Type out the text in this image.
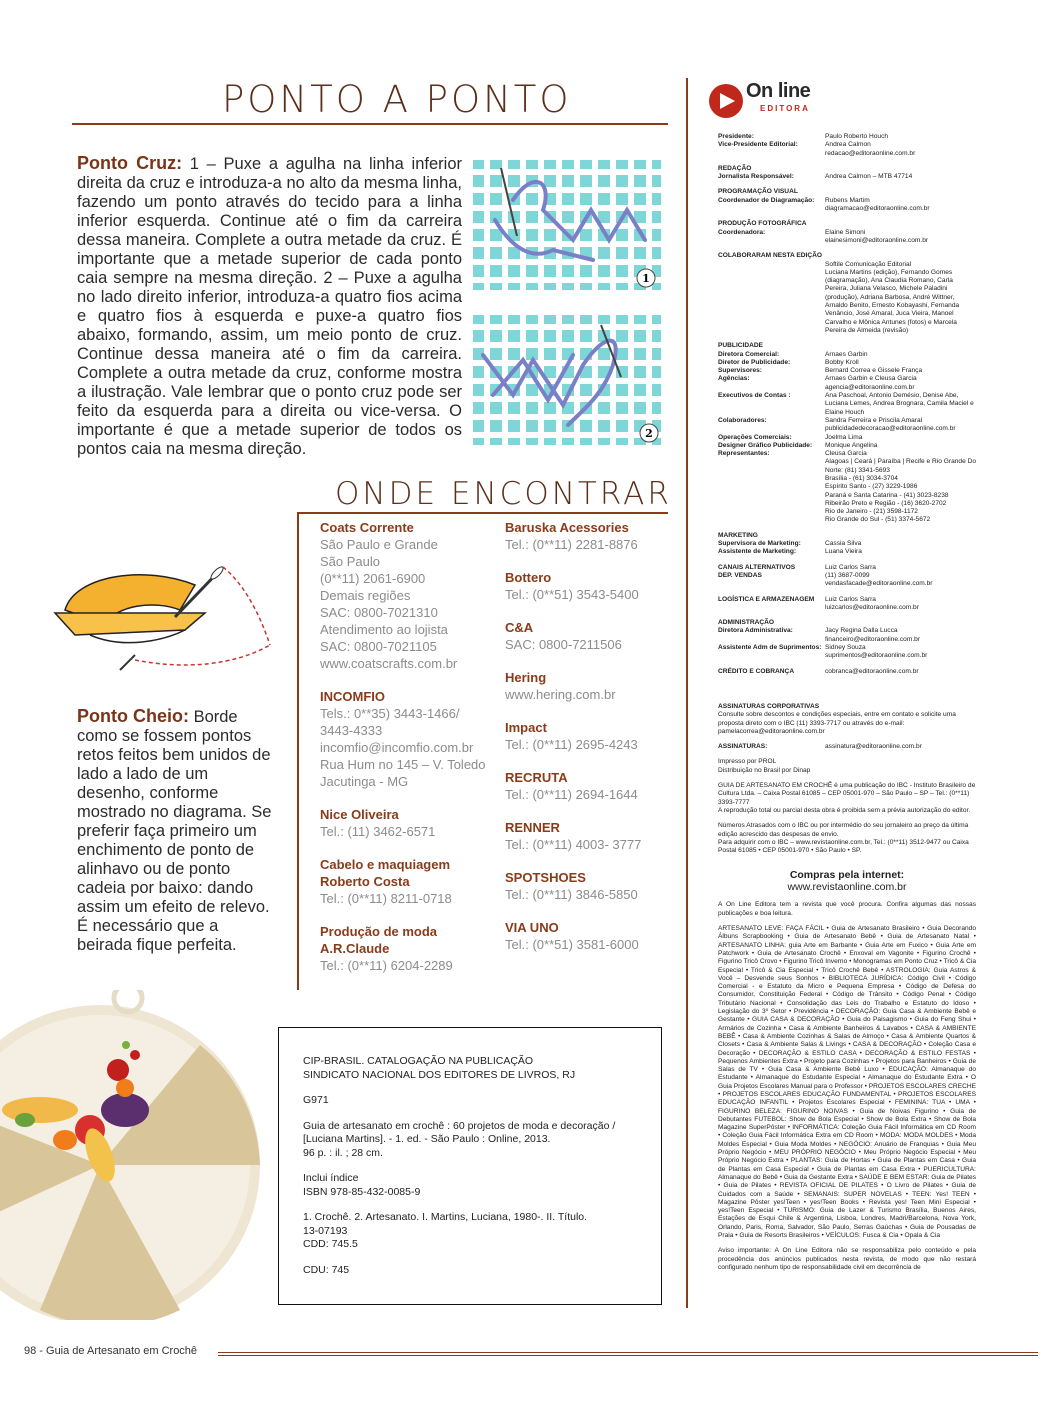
PONTO A PONTO
Ponto Cruz: 1 – Puxe a agulha na linha inferior direita da cruz e introduza-a no alto da mesma linha, fazendo um ponto através do tecido para a linha inferior esquerda. Continue até o fim da carreira dessa maneira. Complete a outra metade da cruz. É importante que a metade superior de cada ponto caia sempre na mesma direção. 2 – Puxe a agulha no lado direito inferior, introduza-a quatro fios acima e quatro fios à esquerda e puxe-a quatro fios abaixo, formando, assim, um meio ponto de cruz. Continue dessa maneira até o fim da carreira. Complete a outra metade da cruz, conforme mostra a ilustração. Vale lembrar que o ponto cruz pode ser feito da esquerda para a direita ou vice-versa. O importante é que a metade superior de todos os pontos caia na mesma direção.
1
2
ONDE ENCONTRAR
Coats Corrente
São Paulo e Grande
São Paulo
(0**11) 2061-6900
Demais regiões
SAC: 0800-7021310
Atendimento ao lojista
SAC: 0800-7021105
www.coatscrafts.com.br
INCOMFIO
Tels.: 0**35) 3443-1466/
3443-4333
incomfio@incomfio.com.br
Rua Hum no 145 – V. Toledo
Jacutinga - MG
Nice Oliveira
Tel.: (11) 3462-6571
Cabelo e maquiagem Roberto Costa
Tel.: (0**11) 8211-0718
Produção de moda A.R.Claude
Tel.: (0**11) 6204-2289
Baruska Acessories
Tel.: (0**11) 2281-8876
Bottero
Tel.: (0**51) 3543-5400
C&A
SAC: 0800-7211506
Hering
www.hering.com.br
Impact
Tel.: (0**11) 2695-4243
RECRUTA
Tel.: (0**11) 2694-1644
RENNER
Tel.: (0**11) 4003- 3777
SPOTSHOES
Tel.: (0**11) 3846-5850
VIA UNO
Tel.: (0**51) 3581-6000
Ponto Cheio: Borde como se fossem pontos retos feitos bem unidos de lado a lado de um desenho, conforme mostrado no diagrama. Se preferir faça primeiro um enchimento de ponto de alinhavo ou de ponto cadeia por baixo: dando assim um efeito de relevo. É necessário que a beirada fique perfeita.

CIP-BRASIL. CATALOGAÇÃO NA PUBLICAÇÃO
SINDICATO NACIONAL DOS EDITORES DE LIVROS, RJ

G971

Guia de artesanato em crochê : 60 projetos de moda e decoração / [Luciana Martins]. - 1. ed. - São Paulo : Online, 2013.
96 p. : il. ; 28 cm.

Inclui índice
ISBN 978-85-432-0085-9

1. Crochê. 2. Artesanato. I. Martins, Luciana, 1980-. II. Título.
13-07193
CDD: 745.5

CDU: 745

On line
EDITORA
Presidente:	Paulo Roberto Houch
Vice-Presidente Editorial:	Andrea Calmon
redacao@editoraonline.com.br
REDAÇÃO
Jornalista Responsável:	Andrea Calmon – MTB 47714
PROGRAMAÇÃO VISUAL
Coordenador de Diagramação:	Rubens Martim
diagramacao@editoraonline.com.br
PRODUÇÃO FOTOGRÁFICA
Coordenadora:	Elaine Simoni
elainesimoni@editoraonline.com.br
COLABORARAM NESTA EDIÇÃO
Softile Comunicação Editorial
Luciana Martins (edição), Fernando Gomes (diagramação), Ana Claudia Romano, Carla Pereira, Juliana Velasco, Michele Paladini (produção), Adriana Barbosa, André Wittner, Arnaldo Benito, Ernesto Kobayashi, Fernanda Venâncio, José Amaral, Juca Vieira, Manoel Carvalho e Mônica Antunes (fotos) e Marcela Pereira de Almeida (revisão)
PUBLICIDADE
Diretora Comercial:	Arnaes Garbin
Diretor de Publicidade:	Bobby Kroll
Supervisores:	Bernard Correa e Gissele França
Agências:	Arnaes Garbin e Cleusa Garcia
agencia@editoraonline.com.br
Executivos de Contas :	Ana Paschoal, Antonio Demésio, Denise Abe, Luciana Lemes, Andrea Brognara, Camila Maciel e Elaine Houch
Colaboradores:	Sandra Ferreira e Priscila Amaral
publicidadedecoracao@editoraonline.com.br
Operações Comerciais:	Joelma Lima
Designer Gráfico Publicidade:	Monique Angelina
Representantes:	Cleusa Garcia
Alagoas | Ceará | Paraíba | Recife e Rio Grande Do Norte: (81) 3341-5693
Brasília - (61) 3034-3704
Espírito Santo - (27) 3229-1986
Paraná e Santa Catarina - (41) 3023-8238
Ribeirão Preto e Região - (16) 3620-2702
Rio de Janeiro - (21) 3598-1172
Rio Grande do Sul - (51) 3374-5672
MARKETING
Supervisora de Marketing:	Cassia Silva
Assistente de Marketing:	Luana Vieira
CANAIS ALTERNATIVOS
DEP. VENDAS
Luiz Carlos Sarra
(11) 3687-0099
vendasfacade@editoraonline.com.br
LOGÍSTICA E ARMAZENAGEM	Luiz Carlos Sarra
luizcarlos@editoraonline.com.br
ADMINISTRAÇÃO
Diretora Administrativa:	Jacy Regina Dalla Lucca
financeiro@editoraonline.com.br
Assistente Adm de Suprimentos: Sidney Souza
suprimentos@editoraonline.com.br
CRÉDITO E COBRANÇA	cobranca@editoraonline.com.br
ASSINATURAS CORPORATIVAS
Consulte sobre descontos e condições especiais, entre em contato e solicite uma proposta direto com o IBC (11) 3393-7717 ou através do e-mail: pamelacorrea@editoraonline.com.br
ASSINATURAS:	assinatura@editoraonline.com.br
Impresso por PROL
Distribuição no Brasil por Dinap
GUIA DE ARTESANATO EM CROCHÊ é uma publicação do IBC - Instituto Brasileiro de Cultura Ltda. – Caixa Postal 61085 – CEP 05001-970 – São Paulo – SP – Tel.: (0**11) 3393-7777
A reprodução total ou parcial desta obra é proibida sem a prévia autorização do editor.
Números Atrasados com o IBC ou por intermédio do seu jornaleiro ao preço da última edição acrescido das despesas de envio.
Para adquirir com o IBC – www.revistaonline.com.br, Tel.: (0**11) 3512-9477 ou Caixa Postal 61085 • CEP 05001-970 • São Paulo • SP.
Compras pela internet:
www.revistaonline.com.br
A On Line Editora tem a revista que você procura. Confira algumas das nossas publicações e boa leitura.
ARTESANATO LEVE: FAÇA FÁCIL • Guia de Artesanato Brasileiro • Guia Decorando Álbuns Scrapbooking • Guia de Artesanato Bebê • Guia de Artesanato Natal • ARTESANATO LINHA: guia Arte em Barbante • Guia Arte em Fuxico • Guia Arte em Patchwork • Guia de Artesanato Crochê • Enxoval em Vagonite • Figurino Crochê • Figurino Tricô Crovo • Figurino Tricô Inverno • Monogramas em Ponto Cruz • Tricô & Cia Especial • Tricô & Cia Especial • Tricô Crochê Bebê • ASTROLOGIA: Guia Astros & Você – Desvende seus Sonhos • BIBLIOTECA JURÍDICA: Código Civil • Código Comercial - e Estatuto da Micro e Pequena Empresa • Código de Defesa do Consumidor, Constituição Federal • Código de Trânsito • Código Penal • Código Tributário Nacional • Consolidação das Leis do Trabalho e Estatuto do Idoso • Legislação do 3º Setor • Previdência • DECORAÇÃO: Guia Casa & Ambiente Bebê e Gestante • GUIA CASA & DECORAÇÃO • Guia do Paisagismo • Guia do Feng Shui • Armários de Cozinha • Casa & Ambiente Banheiros & Lavabos • CASA & AMBIENTE BEBÊ • Casa & Ambiente Cozinhas & Salas de Almoço • Casa & Ambiente Quartos & Closets • Casa & Ambiente Salas & Livings • CASA & DECORAÇÃO • Coleção Casa e Decoração • DECORAÇÃO & ESTILO CASA • DECORAÇÃO & ESTILO FESTAS • Pequenos Ambientes Extra • Projeto para Cozinhas • Projetos para Banheiros • Guia de Salas de TV • Guia Casa & Ambiente Bebê Luxo • EDUCAÇÃO: Almanaque do Estudante • Almanaque do Estudante Especial • Almanaque do Estudante Extra • O Guia Projetos Escolares Manual para o Professor • PROJETOS ESCOLARES CRECHE • PROJETOS ESCOLARES EDUCAÇÃO FUNDAMENTAL • PROJETOS ESCOLARES EDUCAÇÃO INFANTIL • Projetos Escolares Especial • FEMININA: TUA • UMA • FIGURINO BELEZA: FIGURINO NOIVAS • Guia de Noivas Figurino • Guia de Debutantes FUTEBOL: Show de Bola Especial • Show de Bola Extra • Show de Bola Magazine SuperPôster • INFORMÁTICA: Coleção Guia Fácil Informática em CD Room • Coleção Guia Fácil Informática Extra em CD Room • MODA: MODA MOLDES • Moda Moldes Especial • Guia Moda Moldes • NEGÓCIO: Anuário de Franquias • Guia Meu Próprio Negócio • MEU PRÓPRIO NEGÓCIO • Meu Próprio Negócio Especial • Meu Próprio Negócio Extra • PLANTAS: Guia de Hortas • Guia de Plantas em Casa • Guia de Plantas em Casa Especial • Guia de Plantas em Casa Extra • PUERICULTURA: Almanaque do Bebê • Guia da Gestante Extra • SAÚDE E BEM ESTAR: Guia de Pilates • Guia de Pilates • REVISTA OFICIAL DE PILATES • O Livro de Pilates • Guia de Cuidados com a Saúde • SEMANAIS: SUPER NOVELAS • TEEN: Yes! TEEN • Magazine Pôster yes!Teen • yes!Teen Books • Revista yes! Teen Mini Especial • yes!Teen Especial • TURISMO: Guia de Lazer & Turismo Brasília, Buenos Aires, Estações de Esqui Chile & Argentina, Lisboa, Londres, Madri/Barcelona, Nova York, Orlando, Paris, Roma, Salvador, São Paulo, Serras Gaúchas • Guia de Pousadas de Praia • Guia de Resorts Brasileiros • VEÍCULOS: Fusca & Cia • Opala & Cia
Aviso importante: A On Line Editora não se responsabiliza pelo conteúdo e pela procedência dos anúncios publicados nesta revista, de modo que não restará configurado nenhum tipo de responsabilidade civil em decorrência de
98 - Guia de Artesanato em Crochê
